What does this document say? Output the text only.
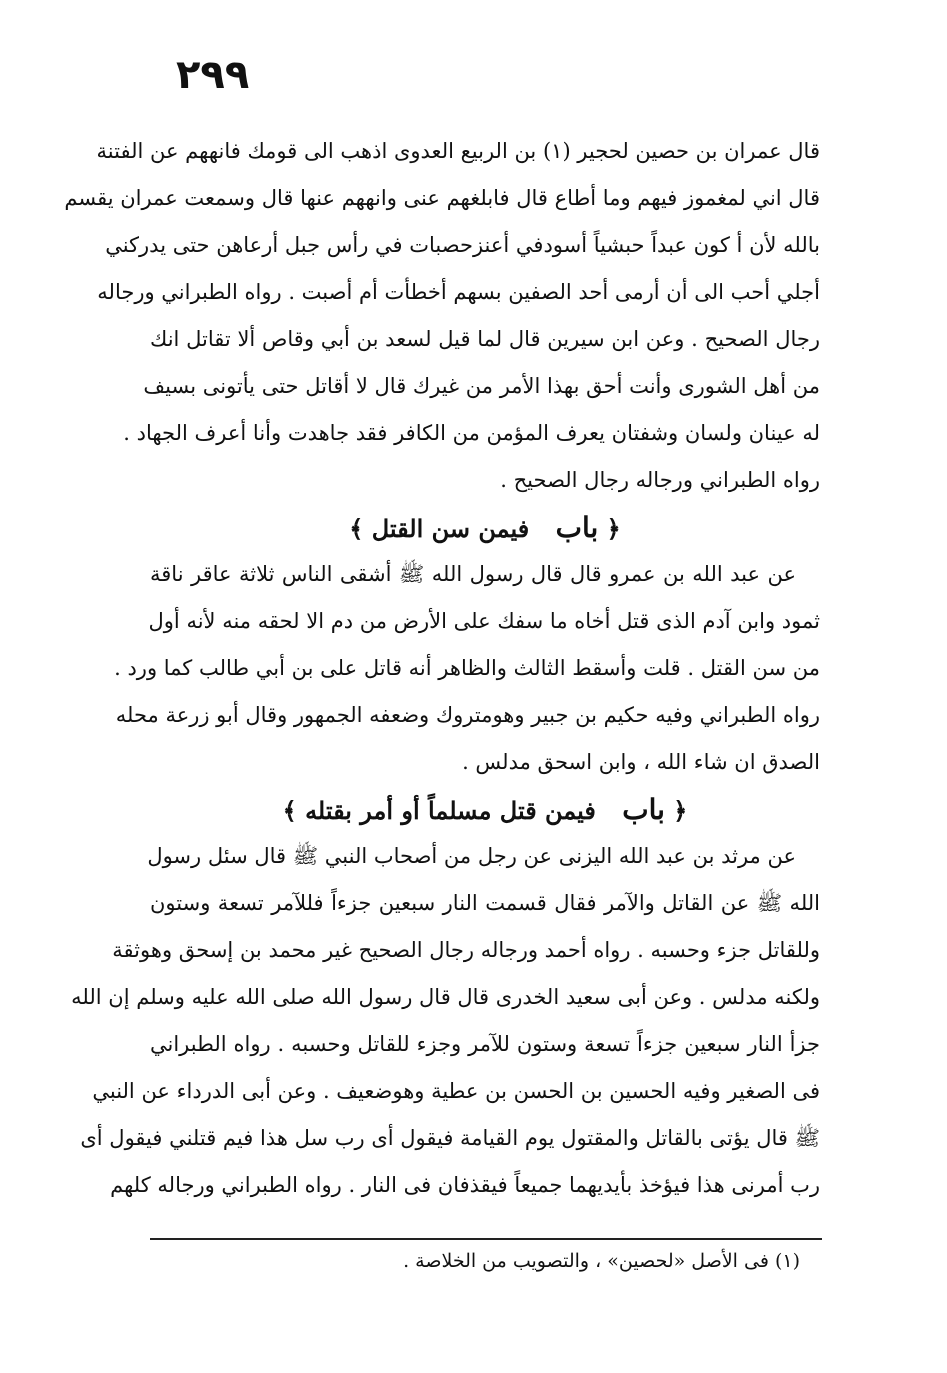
٢٩٩
قال عمران بن حصين لحجير (١) بن الربيع العدوى اذهب الى قومك فانههم عن الفتنة
قال اني لمغموز فيهم وما أطاع قال فابلغهم عنى وانههم عنها قال وسمعت عمران يقسم
بالله لأن أ كون عبداً حبشياً أسودفي أعنزحصبات في رأس جبل أرعاهن حتى يدركني
أجلي أحب الى أن أرمى أحد الصفين بسهم أخطأت أم أصبت . رواه الطبراني ورجاله
رجال الصحيح . وعن ابن سيرين قال لما قيل لسعد بن أبي وقاص ألا تقاتل انك
من أهل الشورى وأنت أحق بهذا الأمر من غيرك قال لا أقاتل حتى يأتونى بسيف
له عينان ولسان وشفتان يعرف المؤمن من الكافر فقد جاهدت وأنا أعرف الجهاد .
رواه الطبراني ورجاله رجال الصحيح .
﴿ باب فيمن سن القتل ﴾
عن عبد الله بن عمرو قال قال رسول الله ﷺ أشقى الناس ثلاثة عاقر ناقة
ثمود وابن آدم الذى قتل أخاه ما سفك على الأرض من دم الا لحقه منه لأنه أول
من سن القتل . قلت وأسقط الثالث والظاهر أنه قاتل على بن أبي طالب كما ورد .
رواه الطبراني وفيه حكيم بن جبير وهومتروك وضعفه الجمهور وقال أبو زرعة محله
الصدق ان شاء الله ، وابن اسحق مدلس .
﴿ باب فيمن قتل مسلماً أو أمر بقتله ﴾
عن مرثد بن عبد الله اليزنى عن رجل من أصحاب النبي ﷺ قال سئل رسول
الله ﷺ عن القاتل والآمر فقال قسمت النار سبعين جزءاً فللآمر تسعة وستون
وللقاتل جزء وحسبه . رواه أحمد ورجاله رجال الصحيح غير محمد بن إسحق وهوثقة
ولكنه مدلس . وعن أبى سعيد الخدرى قال قال رسول الله صلى الله عليه وسلم إن الله
جزأ النار سبعين جزءاً تسعة وستون للآمر وجزء للقاتل وحسبه . رواه الطبراني
فى الصغير وفيه الحسين بن الحسن بن عطية وهوضعيف . وعن أبى الدرداء عن النبي
ﷺ قال يؤتى بالقاتل والمقتول يوم القيامة فيقول أى رب سل هذا فيم قتلني فيقول أى
رب أمرنى هذا فيؤخذ بأيديهما جميعاً فيقذفان فى النار . رواه الطبراني ورجاله كلهم
(١) فى الأصل «لحصين» ، والتصويب من الخلاصة .
